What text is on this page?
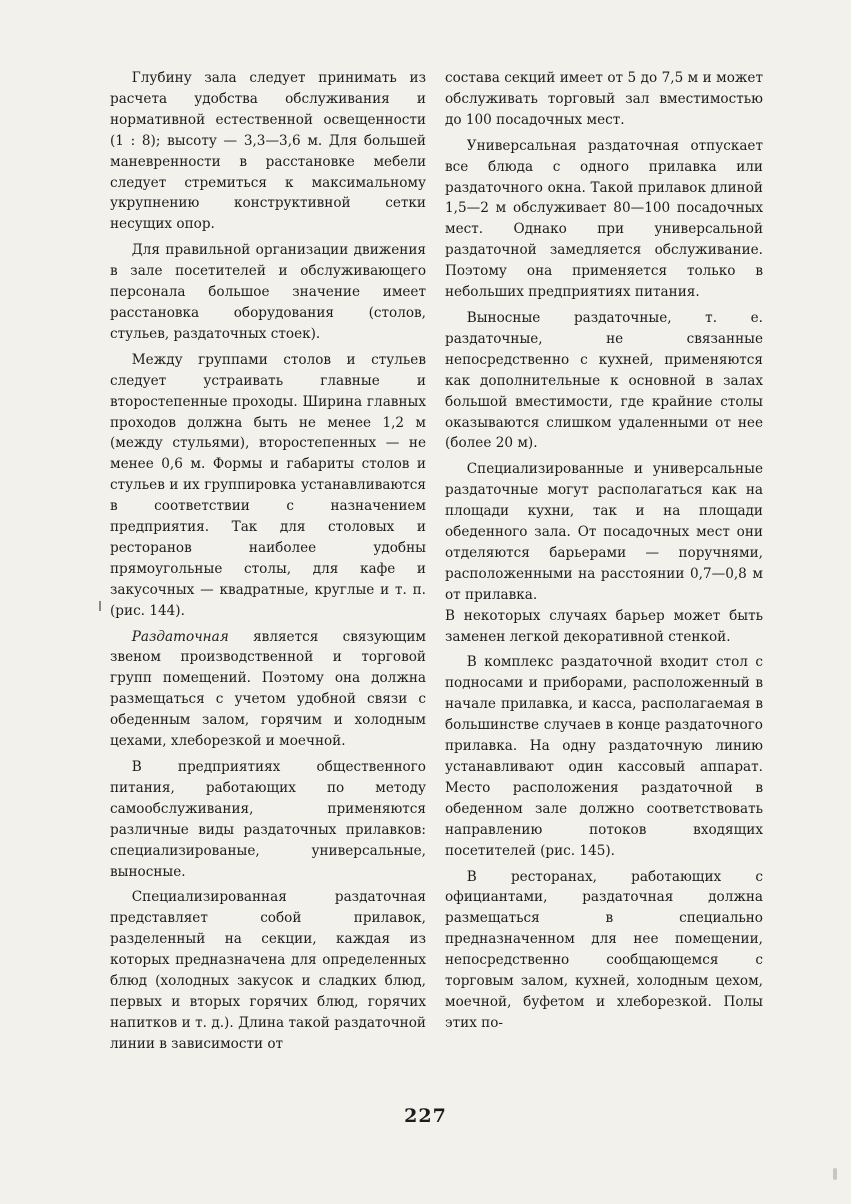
Глубину зала следует принимать из расчета удобства обслуживания и нормативной естественной освещенности (1 : 8); высоту — 3,3—3,6 м. Для большей маневренности в расстановке мебели следует стремиться к максимальному укрупнению конструктивной сетки несущих опор.

Для правильной организации движения в зале посетителей и обслуживающего персонала большое значение имеет расстановка оборудования (столов, стульев, раздаточных стоек).

Между группами столов и стульев следует устраивать главные и второстепенные проходы. Ширина главных проходов должна быть не менее 1,2 м (между стульями), второстепенных — не менее 0,6 м. Формы и габариты столов и стульев и их группировка устанавливаются в соответствии с назначением предприятия. Так для столовых и ресторанов наиболее удобны прямоугольные столы, для кафе и закусочных — квадратные, круглые и т. п. (рис. 144).

Раздаточная является связующим звеном производственной и торговой групп помещений. Поэтому она должна размещаться с учетом удобной связи с обеденным залом, горячим и холодным цехами, хлеборезкой и моечной.

В предприятиях общественного питания, работающих по методу самообслуживания, применяются различные виды раздаточных прилавков: специализированые, универсальные, выносные.

Специализированная раздаточная представляет собой прилавок, разделенный на секции, каждая из которых предназначена для определенных блюд (холодных закусок и сладких блюд, первых и вторых горячих блюд, горячих напитков и т. д.). Длина такой раздаточной линии в зависимости от

состава секций имеет от 5 до 7,5 м и может обслуживать торговый зал вместимостью до 100 посадочных мест.

Универсальная раздаточная отпускает все блюда с одного прилавка или раздаточного окна. Такой прилавок длиной 1,5—2 м обслуживает 80—100 посадочных мест. Однако при универсальной раздаточной замедляется обслуживание. Поэтому она применяется только в небольших предприятиях питания.

Выносные раздаточные, т. е. раздаточные, не связанные непосредственно с кухней, применяются как дополнительные к основной в залах большой вместимости, где крайние столы оказываются слишком удаленными от нее (более 20 м).

Специализированные и универсальные раздаточные могут располагаться как на площади кухни, так и на площади обеденного зала. От посадочных мест они отделяются барьерами — поручнями, расположенными на расстоянии 0,7—0,8 м от прилавка.

В некоторых случаях барьер может быть заменен легкой декоративной стенкой.

В комплекс раздаточной входит стол с подносами и приборами, расположенный в начале прилавка, и касса, располагаемая в большинстве случаев в конце раздаточного прилавка. На одну раздаточную линию устанавливают один кассовый аппарат. Место расположения раздаточной в обеденном зале должно соответствовать направлению потоков входящих посетителей (рис. 145).

В ресторанах, работающих с официантами, раздаточная должна размещаться в специально предназначенном для нее помещении, непосредственно сообщающемся с торговым залом, кухней, холодным цехом, моечной, буфетом и хлеборезкой. Полы этих по-

227
